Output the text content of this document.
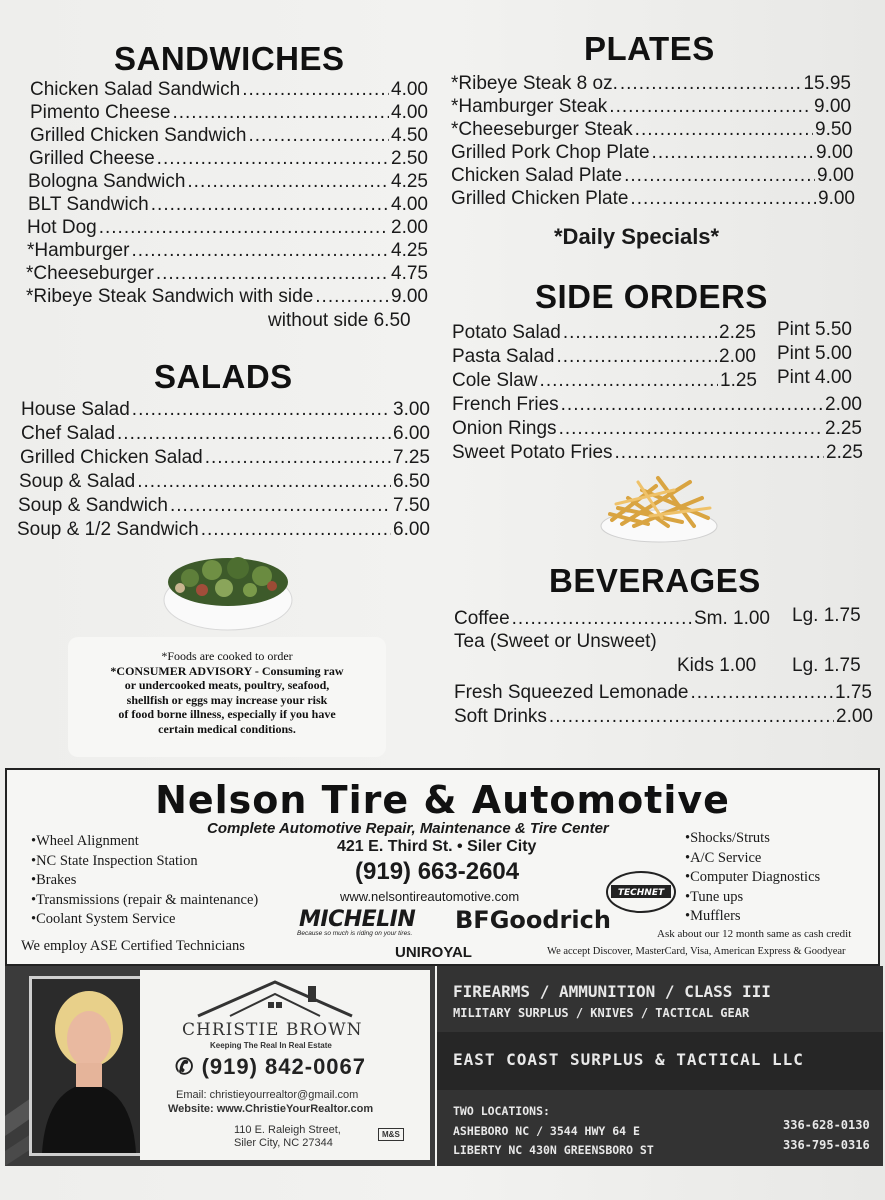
SANDWICHES
Chicken Salad Sandwich .....	4.00
Pimento Cheese .....	4.00
Grilled Chicken Sandwich .....	4.50
Grilled Cheese .....	2.50
Bologna Sandwich .....	4.25
BLT Sandwich .....	4.00
Hot Dog .....	2.00
*Hamburger .....	4.25
*Cheeseburger .....	4.75
*Ribeye Steak Sandwich with side .....	9.00
without side 6.50
SALADS
House Salad .....	3.00
Chef Salad .....	6.00
Grilled Chicken Salad .....	7.25
Soup & Salad .....	6.50
Soup & Sandwich .....	7.50
Soup & 1/2 Sandwich .....	6.00
*Foods are cooked to order
*CONSUMER ADVISORY - Consuming raw
or undercooked meats, poultry, seafood,
shellfish or eggs may increase your risk
of food borne illness, especially if you have
certain medical conditions.
PLATES
*Ribeye Steak 8 oz. .....	15.95
*Hamburger Steak .....	9.00
*Cheeseburger Steak .....	9.50
Grilled Pork Chop Plate .....	9.00
Chicken Salad Plate .....	9.00
Grilled Chicken Plate .....	9.00
*Daily Specials*
SIDE ORDERS
Potato Salad .....	2.25 Pint 5.50
Pasta Salad .....	2.00 Pint 5.00
Cole Slaw .....	1.25 Pint 4.00
French Fries .....	2.00
Onion Rings .....	2.25
Sweet Potato Fries .....	2.25
BEVERAGES
Coffee .....	Sm. 1.00 Lg. 1.75
Tea (Sweet or Unsweet)
Kids 1.00 Lg. 1.75
Fresh Squeezed Lemonade .....	1.75
Soft Drinks .....	2.00
Nelson Tire & Automotive
Complete Automotive Repair, Maintenance & Tire Center
421 E. Third St. • Siler City
(919) 663-2604
www.nelsontireautomotive.com
• Wheel Alignment
• NC State Inspection Station
• Brakes
• Transmissions (repair & maintenance)
• Coolant System Service
• Shocks/Struts
• A/C Service
• Computer Diagnostics
• Tune ups
• Mufflers
MICHELIN
Because so much is riding on your tires. BFGoodrich
TECHNET
We employ ASE Certified Technicians	UNIROYAL
Ask about our 12 month same as cash credit
We accept Discover, MasterCard, Visa, American Express & Goodyear
CHRISTIE BROWN
Keeping The Real In Real Estate
✆ (919) 842-0067
Email: christieyourrealtor@gmail.com
Website: www.ChristieYourRealtor.com
110 E. Raleigh Street,
Siler City, NC 27344
M&S
FIREARMS / AMMUNITION / CLASS III
MILITARY SURPLUS / KNIVES / TACTICAL GEAR
EAST COAST SURPLUS & TACTICAL LLC
TWO LOCATIONS:
ASHEBORO NC / 3544 HWY 64 E
LIBERTY NC 430N GREENSBORO ST
336-628-0130
336-795-0316
